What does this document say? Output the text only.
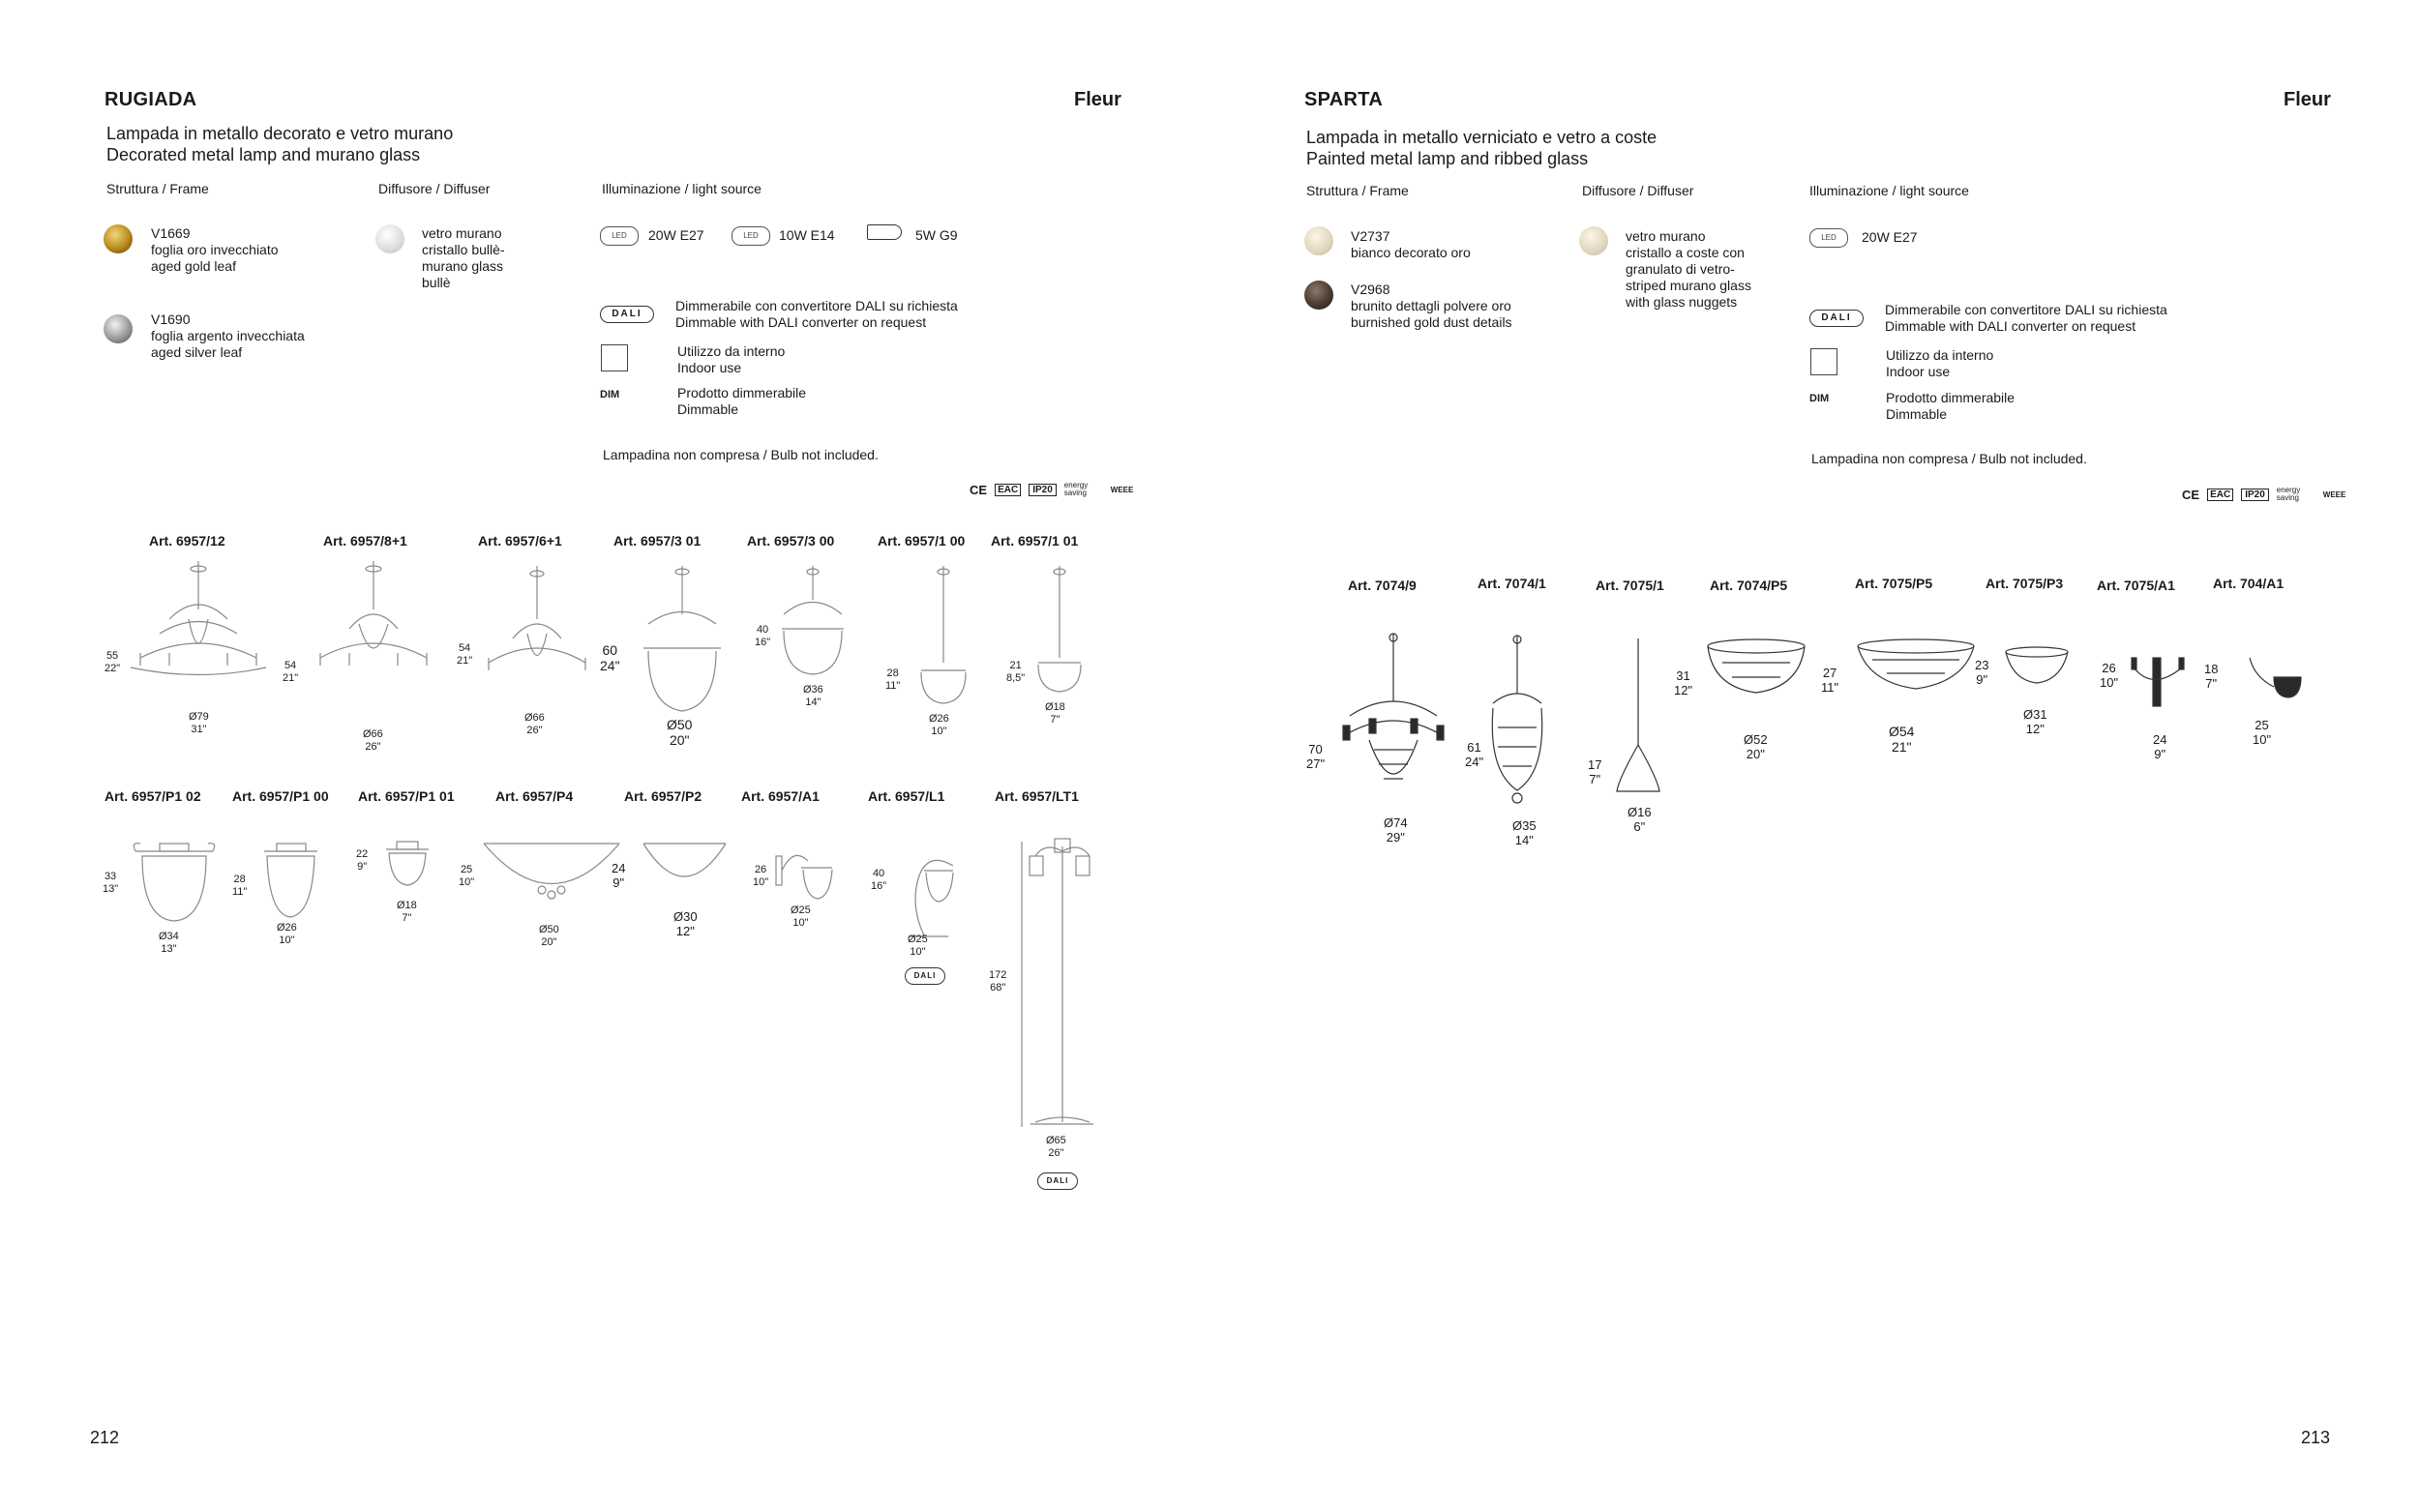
RUGIADA	Fleur
Lampada in metallo decorato e vetro murano
Decorated metal lamp and murano glass
Struttura / Frame	Diffusore / Diffuser	Illuminazione / light source
V1669
foglia oro invecchiato
aged gold leaf
V1690
foglia argento invecchiata
aged silver leaf
vetro murano
cristallo bullè-
murano glass
bullè
LED	20W E27	LED	10W E14	5W G9
DALI
Dimmerabile con convertitore DALI su richiesta
Dimmable with DALI converter on request
Utilizzo da interno
Indoor use
DIM	Prodotto dimmerabile
Dimmable
Lampadina non compresa / Bulb not included.
CE	EAC	IP20	energy saving	WEEE
Art. 6957/12	Art. 6957/8+1	Art. 6957/6+1	Art. 6957/3 01	Art. 6957/3 00	Art. 6957/1 00 Art. 6957/1 01
55
22"
Ø79
31"
54
21"
Ø66
26"
54
21"
Ø66
26"
60
24"
Ø50
20"
40
16"
Ø36
14"
28
11"
Ø26
10"
21
8,5"
Ø18
7"
Art. 6957/P1 02 Art. 6957/P1 00 Art. 6957/P1 01	Art. 6957/P4	Art. 6957/P2	Art. 6957/A1	Art. 6957/L1	Art. 6957/LT1
33
13"
Ø34
13"
28
11"
Ø26
10"
22
9"
Ø18
7"
25
10"
Ø50
20"
24
9"
Ø30
12"
26
10"
Ø25
10"
40
16"
Ø25
10"
DALI	172
68"
Ø65
26"
DALI
212
SPARTA	Fleur
Lampada in metallo verniciato e vetro a coste
Painted metal lamp and ribbed glass
Struttura / Frame	Diffusore / Diffuser	Illuminazione / light source
V2737
bianco decorato oro
V2968
brunito dettagli polvere oro
burnished gold dust details
vetro murano
cristallo a coste con
granulato di vetro-
striped murano glass
with glass nuggets
LED	20W E27
DALI
Dimmerabile con convertitore DALI su richiesta
Dimmable with DALI converter on request
Utilizzo da interno
Indoor use
DIM	Prodotto dimmerabile
Dimmable
Lampadina non compresa / Bulb not included.
CE	EAC	IP20	energy saving	WEEE
Art. 7074/9	Art. 7074/1	Art. 7075/1	Art. 7074/P5	Art. 7075/P5	Art. 7075/P3 Art. 7075/A1	Art. 704/A1
70
27"
Ø74
29"
61
24"
Ø35
14"
17
7"
Ø16
6"
31
12"
Ø52
20"
27
11"
Ø54
21"
23
9"
Ø31
12"
26
10"
24
9"
18
7"
25
10"
213
